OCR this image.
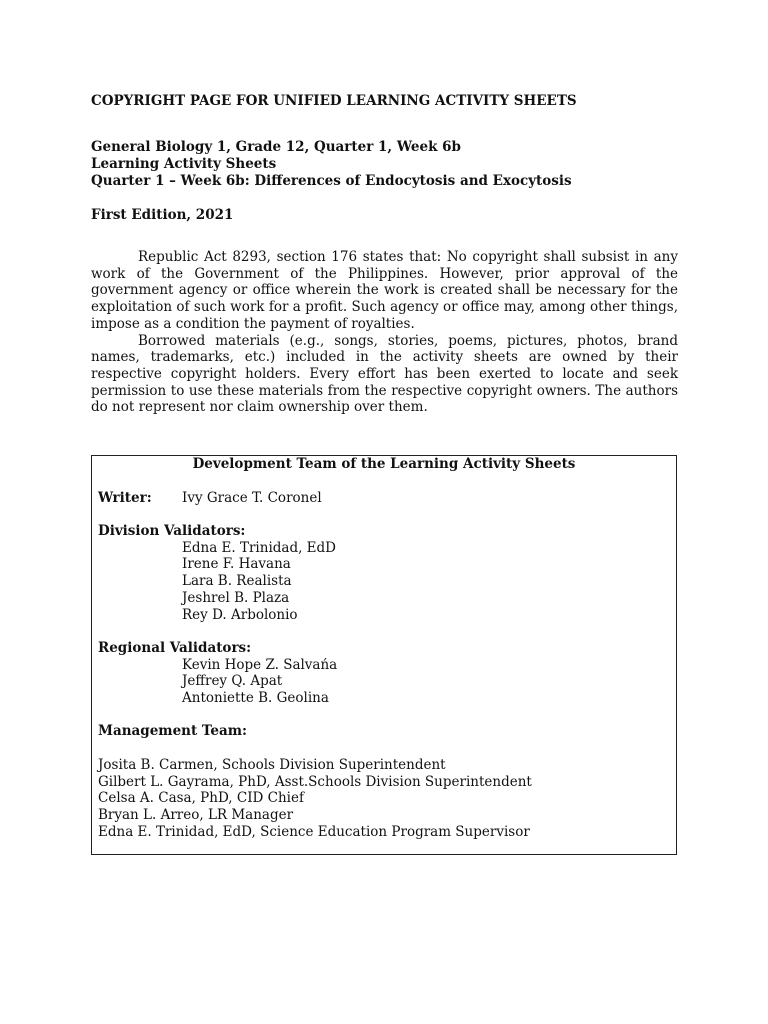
COPYRIGHT PAGE FOR UNIFIED LEARNING ACTIVITY SHEETS
General Biology 1, Grade 12, Quarter 1, Week 6b
Learning Activity Sheets
Quarter 1 – Week 6b: Differences of Endocytosis and Exocytosis
First Edition, 2021

Republic Act 8293, section 176 states that: No copyright shall subsist in any work of the Government of the Philippines. However, prior approval of the government agency or office wherein the work is created shall be necessary for the exploitation of such work for a profit. Such agency or office may, among other things, impose as a condition the payment of royalties.

Borrowed materials (e.g., songs, stories, poems, pictures, photos, brand names, trademarks, etc.) included in the activity sheets are owned by their respective copyright holders. Every effort has been exerted to locate and seek permission to use these materials from the respective copyright owners. The authors do not represent nor claim ownership over them.

Development Team of the Learning Activity Sheets
Writer:	Ivy Grace T. Coronel
Division Validators:
Edna E. Trinidad, EdD
Irene F. Havana
Lara B. Realista
Jeshrel B. Plaza
Rey D. Arbolonio
Regional Validators:
Kevin Hope Z. Salvańa
Jeffrey Q. Apat
Antoniette B. Geolina
Management Team:
Josita B. Carmen, Schools Division Superintendent
Gilbert L. Gayrama, PhD, Asst.Schools Division Superintendent
Celsa A. Casa, PhD, CID Chief
Bryan L. Arreo, LR Manager
Edna E. Trinidad, EdD, Science Education Program Supervisor
